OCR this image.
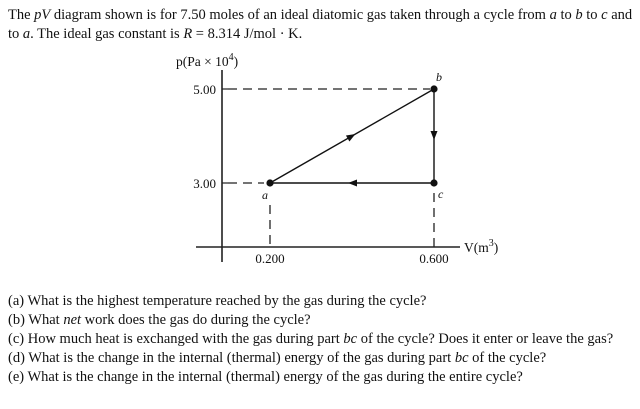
The pV diagram shown is for 7.50 moles of an ideal diatomic gas taken through a cycle from a to b to c and to a. The ideal gas constant is R = 8.314 J/mol · K.
5.00
3.00
0.200	0.600
a
b
c
$p(Pa \times 10^4)$
$V(m^3)$

(a) What is the highest temperature reached by the gas during the cycle?

(b) What net work does the gas do during the cycle?

(c) How much heat is exchanged with the gas during part bc of the cycle? Does it enter or leave the gas?

(d) What is the change in the internal (thermal) energy of the gas during part bc of the cycle?

(e) What is the change in the internal (thermal) energy of the gas during the entire cycle?
